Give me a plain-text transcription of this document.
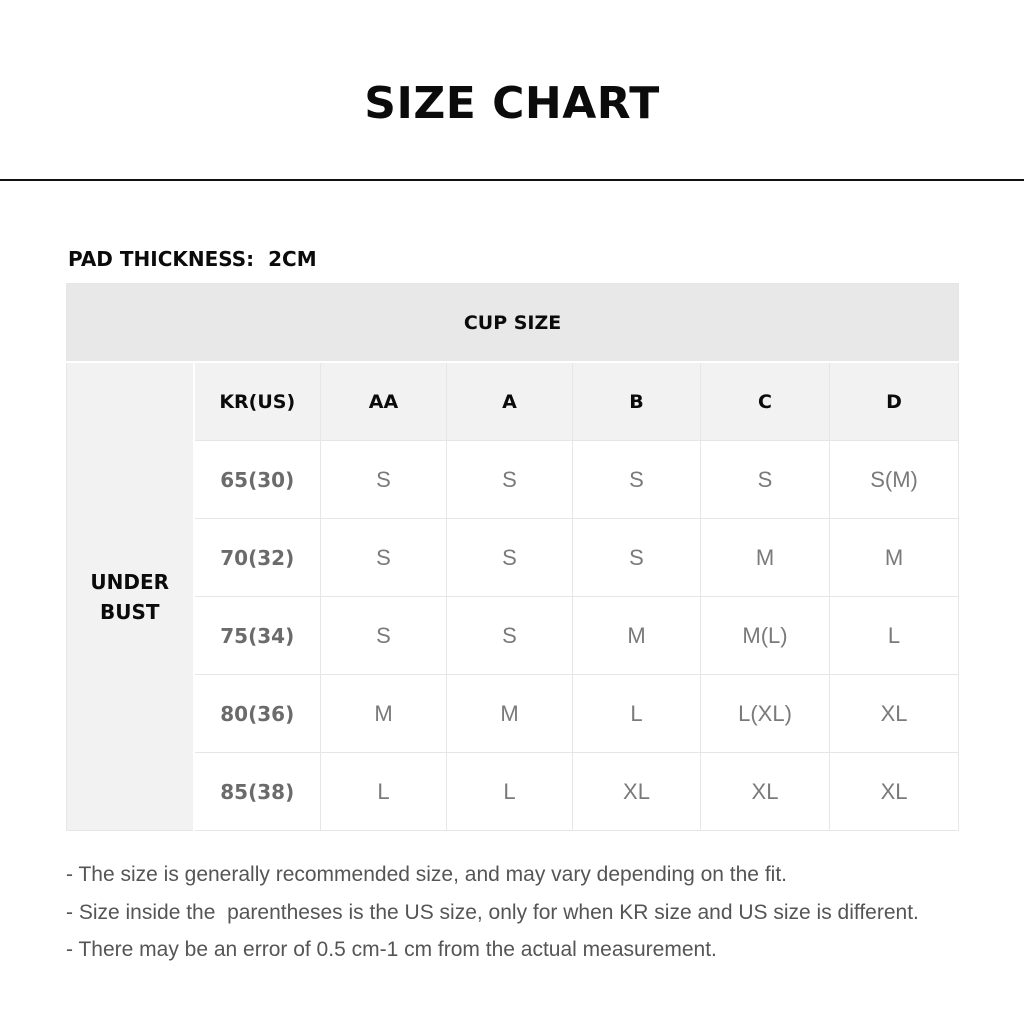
SIZE CHART
PAD THICKNESS:  2CM
CUP SIZE						

UNDER
BUST	KR(US)	AA	A	B	C	D
	65(30)	S	S	S	S	S(M)
	70(32)	S	S	S	M	M
	75(34)	S	S	M	M(L)	L
	80(36)	M	M	L	L(XL)	XL
	85(38)	L	L	XL	XL	XL
- The size is generally recommended size, and may vary depending on the fit.
- Size inside the  parentheses is the US size, only for when KR size and US size is different.
- There may be an error of 0.5 cm-1 cm from the actual measurement.
